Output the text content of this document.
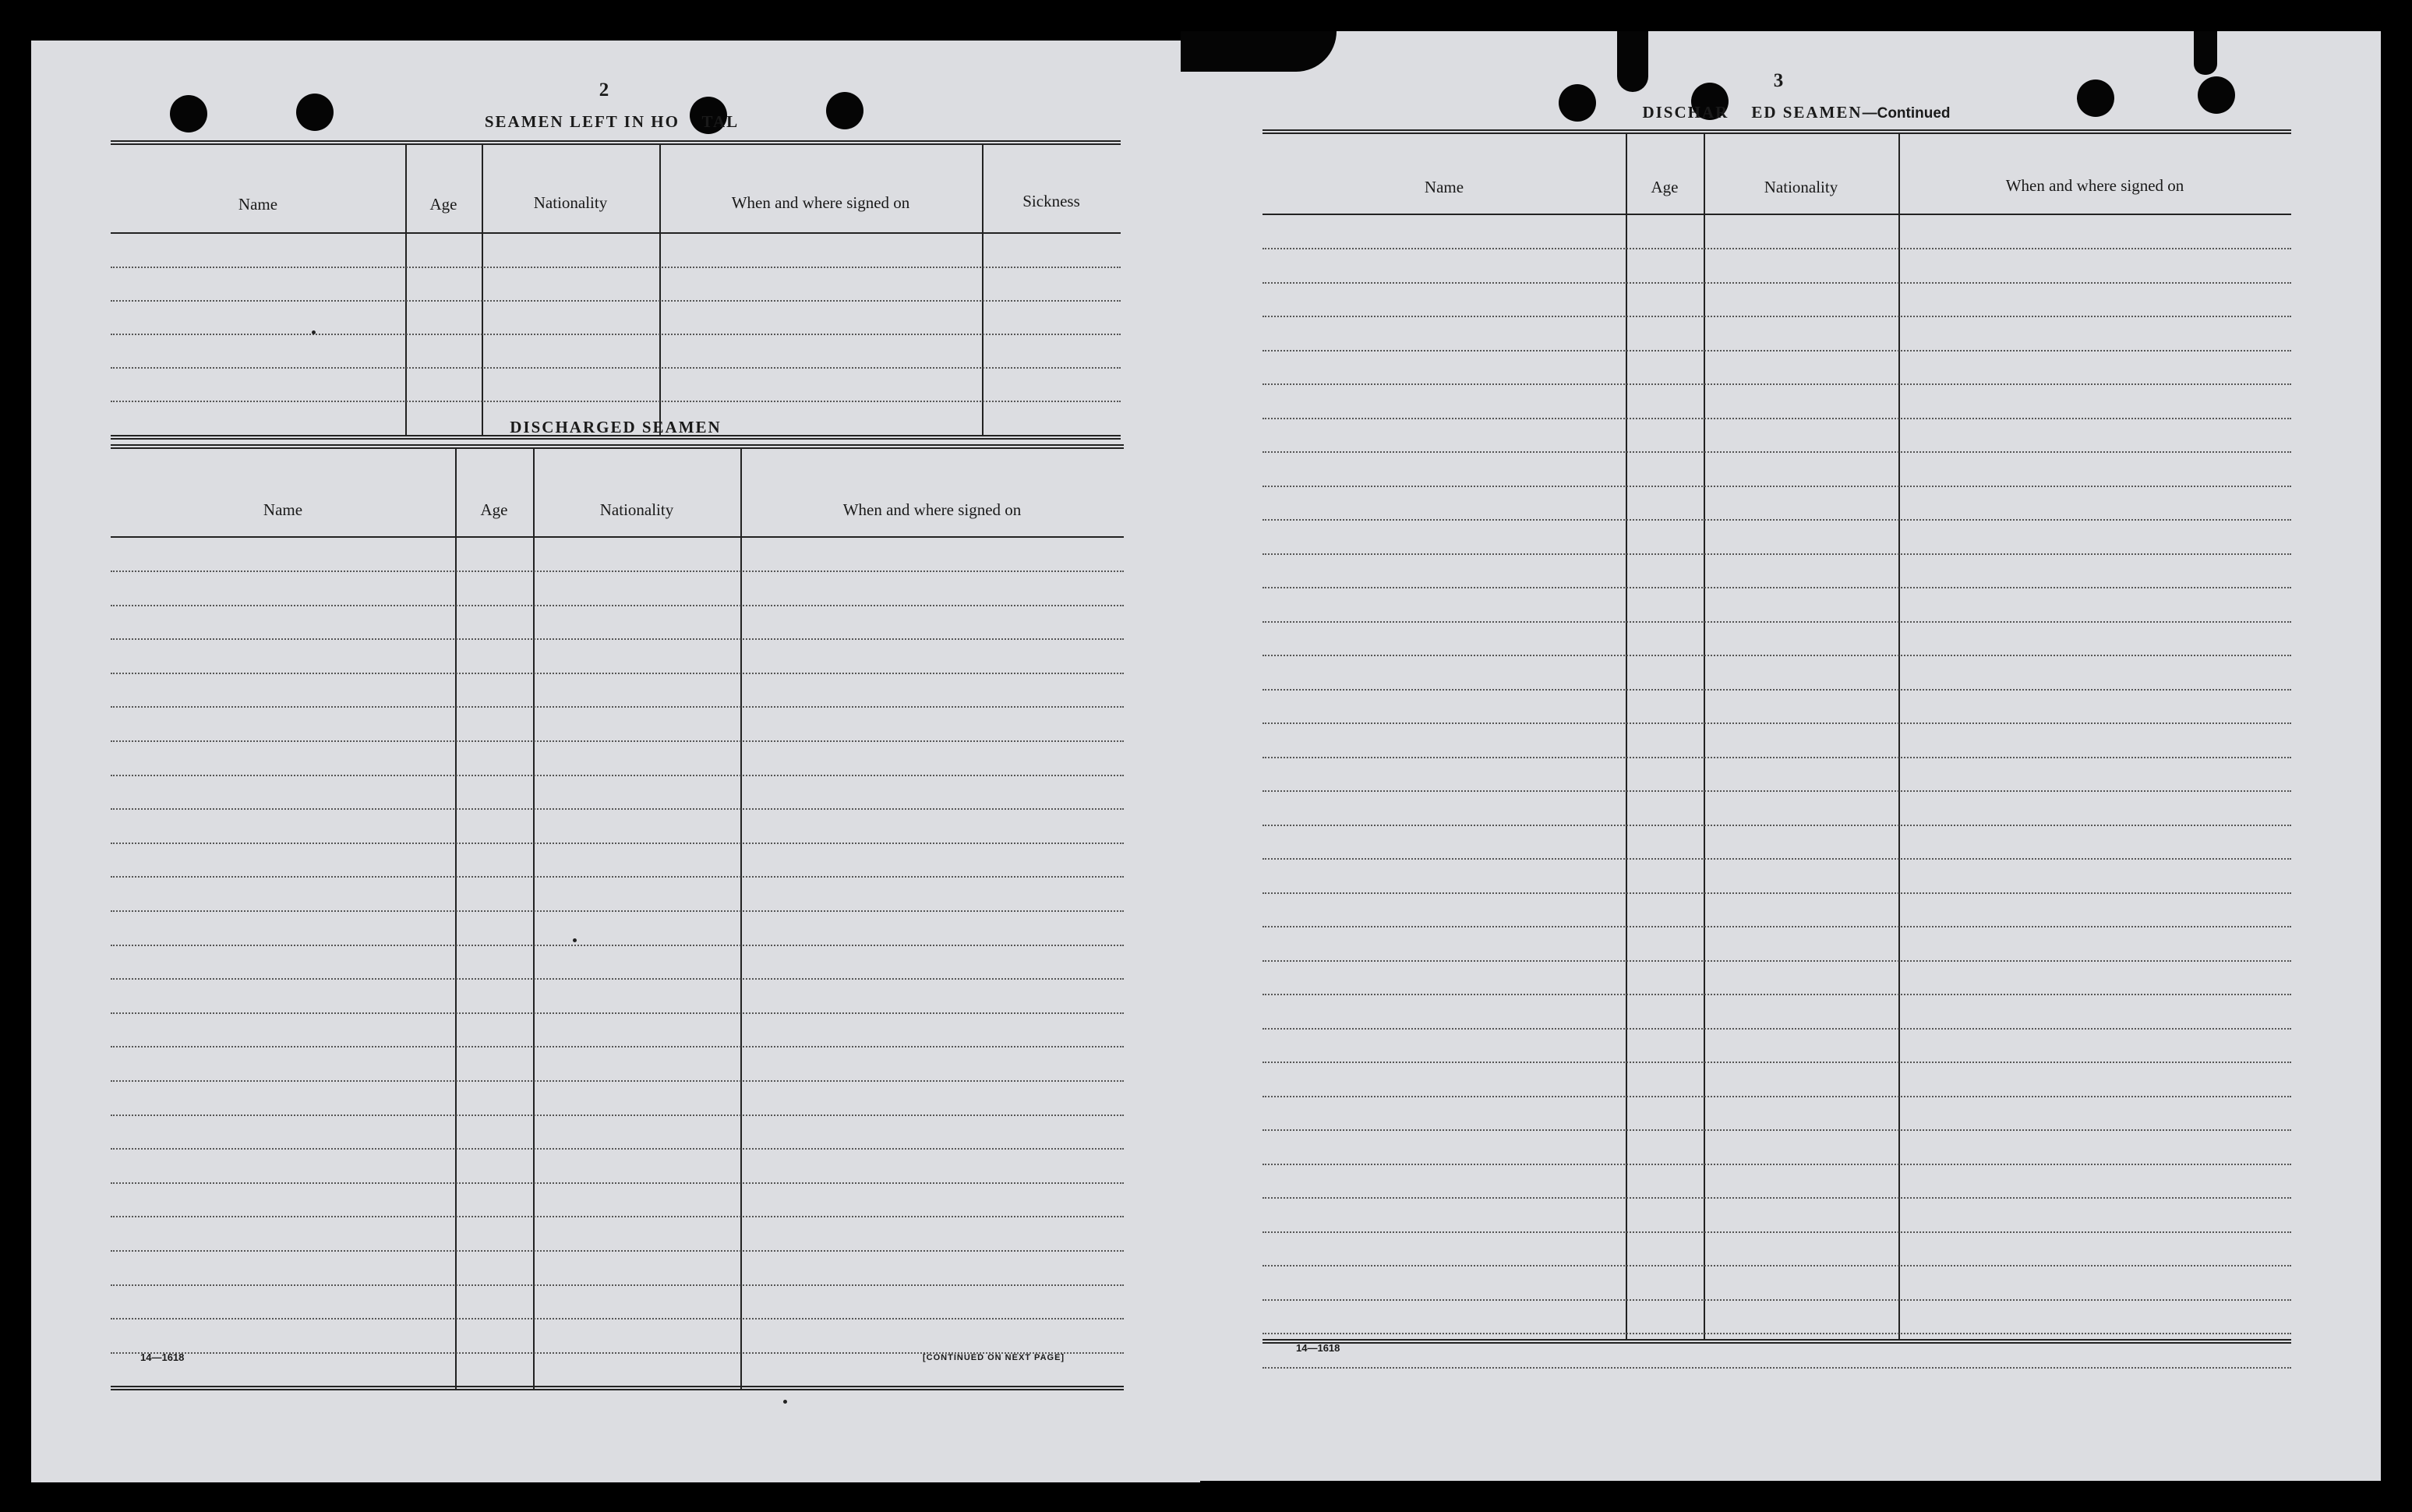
2
SEAMEN LEFT IN HO    TAL
Name	Age	Nationality	When and where signed on	Sickness
DISCHARGED SEAMEN
Name	Age	Nationality	When and where signed on
14—1618	[CONTINUED ON NEXT PAGE]
3
DISCHAR    ED SEAMEN—Continued
Name	Age	Nationality	When and where signed on
14—1618
